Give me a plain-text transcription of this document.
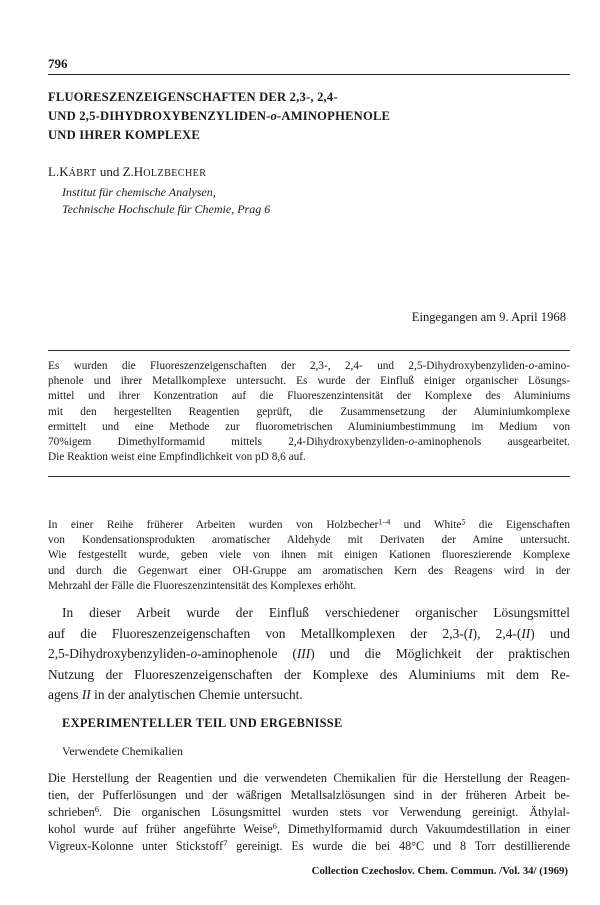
796
FLUORESZENZEIGENSCHAFTEN DER 2,3-, 2,4-
UND 2,5-DIHYDROXYBENZYLIDEN-o-AMINOPHENOLE
UND IHRER KOMPLEXE
L.KÁBRT und Z.HOLZBECHER
Institut für chemische Analysen,
Technische Hochschule für Chemie, Prag 6
Eingegangen am 9. April 1968
Es wurden die Fluoreszenzeigenschaften der 2,3-, 2,4- und 2,5-Dihydroxybenzyliden-o-amino-
phenole und ihrer Metallkomplexe untersucht. Es wurde der Einfluß einiger organischer Lösungs-
mittel und ihrer Konzentration auf die Fluoreszenzintensität der Komplexe des Aluminiums
mit den hergestellten Reagentien geprüft, die Zusammensetzung der Aluminiumkomplexe
ermittelt und eine Methode zur fluorometrischen Aluminiumbestimmung im Medium von
70%igem Dimethylformamid mittels 2,4-Dihydroxybenzyliden-o-aminophenols ausgearbeitet.
Die Reaktion weist eine Empfindlichkeit von pD 8,6 auf.
In einer Reihe früherer Arbeiten wurden von Holzbecher$^{1-4}$ und White$^5$ die Eigenschaften
von Kondensationsprodukten aromatischer Aldehyde mit Derivaten der Amine untersucht.
Wie festgestellt wurde, geben viele von ihnen mit einigen Kationen fluoreszierende Komplexe
und durch die Gegenwart einer OH-Gruppe am aromatischen Kern des Reagens wird in der
Mehrzahl der Fälle die Fluoreszenzintensität des Komplexes erhöht.
In dieser Arbeit wurde der Einfluß verschiedener organischer Lösungsmittel
auf die Fluoreszenzeigenschaften von Metallkomplexen der 2,3-(I), 2,4-(II) und
2,5-Dihydroxybenzyliden-o-aminophenole (III) und die Möglichkeit der praktischen
Nutzung der Fluoreszenzeigenschaften der Komplexe des Aluminiums mit dem Re-
agens II in der analytischen Chemie untersucht.
EXPERIMENTELLER TEIL UND ERGEBNISSE
Verwendete Chemikalien
Die Herstellung der Reagentien und die verwendeten Chemikalien für die Herstellung der Reagen-
tien, der Pufferlösungen und der wäßrigen Metallsalzlösungen sind in der früheren Arbeit be-
schrieben$^6$. Die organischen Lösungsmittel wurden stets vor Verwendung gereinigt. Äthylal-
kohol wurde auf früher angeführte Weise$^6$, Dimethylformamid durch Vakuumdestillation in einer
Vigreux-Kolonne unter Stickstoff$^7$ gereinigt. Es wurde die bei 48°C und 8 Torr destillierende
Collection Czechoslov. Chem. Commun. /Vol. 34/ (1969)
